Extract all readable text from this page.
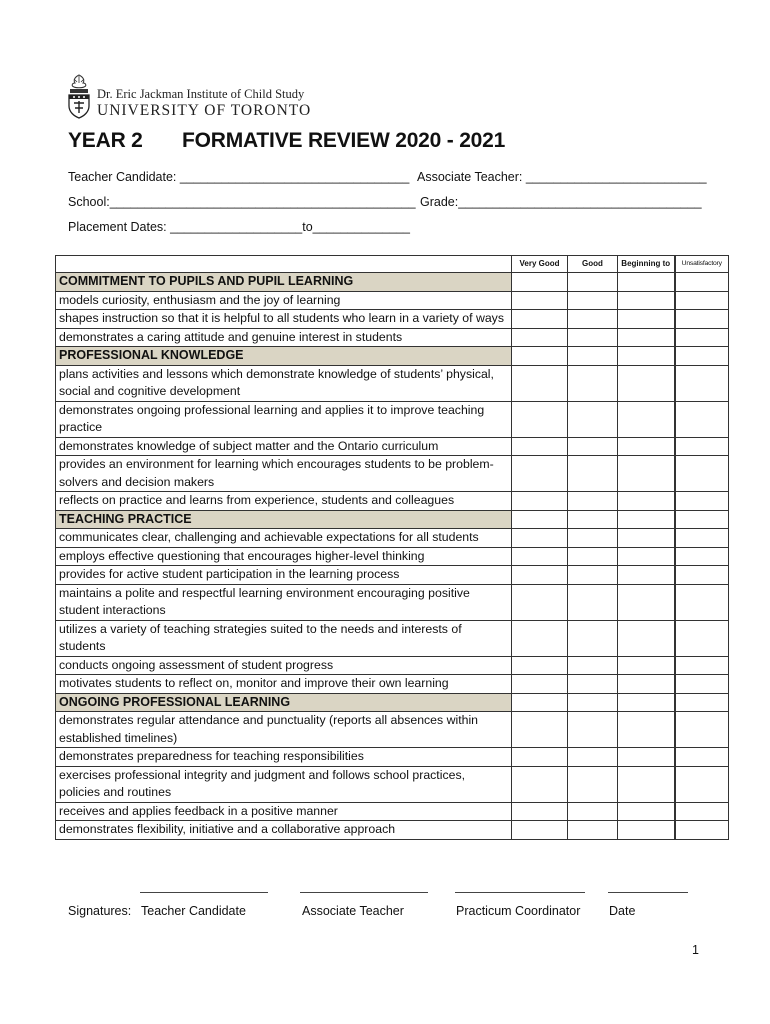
Dr. Eric Jackman Institute of Child Study
UNIVERSITY OF TORONTO
YEAR 2 FORMATIVE REVIEW 2020 - 2021
Teacher Candidate: _________________________________ Associate Teacher: __________________________
School:____________________________________________ Grade:___________________________________
Placement Dates: ___________________to______________
	Very Good	Good	Beginning to	Unsatisfactory
COMMITMENT TO PUPILS AND PUPIL LEARNING				
models curiosity, enthusiasm and the joy of learning				
shapes instruction so that it is helpful to all students who learn in a variety of ways				
demonstrates a caring attitude and genuine interest in students				
PROFESSIONAL KNOWLEDGE				
plans activities and lessons which demonstrate knowledge of students’ physical, social and cognitive development				
demonstrates ongoing professional learning and applies it to improve teaching practice				
demonstrates knowledge of subject matter and the Ontario curriculum				
provides an environment for learning which encourages students to be problem-solvers and decision makers				
reflects on practice and learns from experience, students and colleagues				
TEACHING PRACTICE				
communicates clear, challenging and achievable expectations for all students				
employs effective questioning that encourages higher-level thinking				
provides for active student participation in the learning process				
maintains a polite and respectful learning environment encouraging positive student interactions				
utilizes a variety of teaching strategies suited to the needs and interests of students				
conducts ongoing assessment of student progress				
motivates students to reflect on, monitor and improve their own learning				
ONGOING PROFESSIONAL LEARNING				
demonstrates regular attendance and punctuality (reports all absences within established timelines)				
demonstrates preparedness for teaching responsibilities				
exercises professional integrity and judgment and follows school practices, policies and routines				
receives and applies feedback in a positive manner				
demonstrates flexibility, initiative and a collaborative approach				
Signatures: Teacher Candidate	Associate Teacher	Practicum Coordinator Date
1
